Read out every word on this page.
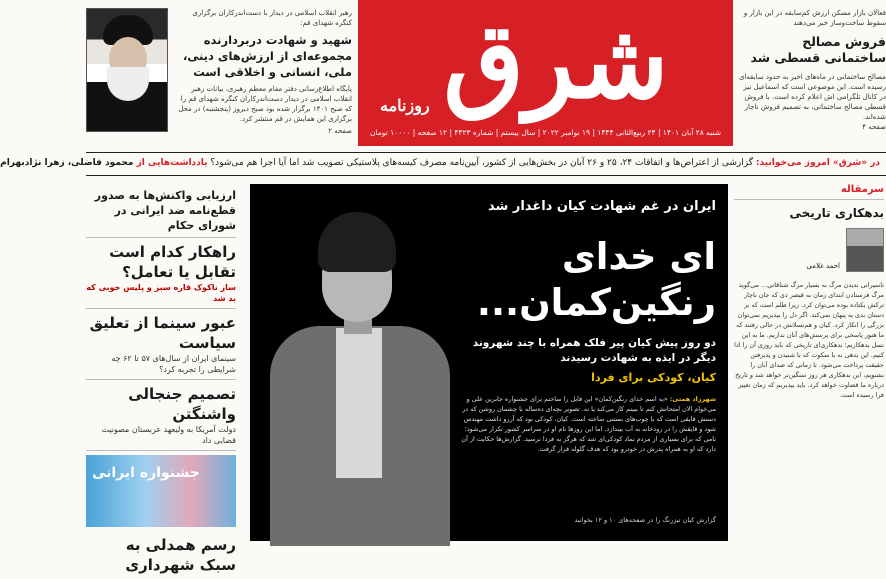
رهبر انقلاب اسلامی در دیدار با دست‌اندرکاران برگزاری کنگره شهدای قم:
شهید و شهادت دربردارنده مجموعه‌ای از ارزش‌های دینی، ملی، انسانی و اخلاقی است
پایگاه اطلاع‌رسانی دفتر مقام معظم رهبری، بیانات رهبر انقلاب اسلامی در دیدار دست‌اندرکاران کنگره شهدای قم را که صبح ۱۴۰۱ برگزار شده بود صبح دیروز (پنجشنبه) در محل برگزاری این همایش در قم منتشر کرد.
صفحه ۲
شرق
روزنامه
شنبه ۲۸ آبان ۱۴۰۱ | ۲۴ ربیع‌الثانی ۱۴۴۴ | ۱۹ نوامبر ۲۰۲۲ | سال بیستم | شماره ۴۴۲۳ | ۱۲ صفحه | ۱۰۰۰۰ تومان
فعالان بازار مسکن ارزش کم‌سابقه در این بازار و سقوط ساخت‌وساز خبر می‌دهند
فروش مصالح ساختمانی قسطی شد
مصالح ساختمانی در ماه‌های اخیر به حدود سابقه‌ای رسیده است. این موضوعی است که اسماعیل نیز در کانال تلگرامی اش اعلام کرده است. با فروش قسطی مصالح ساختمانی، به تصمیم فروش ناچار شده‌اند.
صفحه ۴
در «شرق» امروز می‌خوانید: گزارشی از اعتراض‌ها و اتفاقات ۲۴، ۲۵ و ۲۶ آبان در بخش‌هایی از کشور، آیین‌نامه مصرف کیسه‌های پلاستیکی تصویب شد اما آیا اجرا هم می‌شود؟ یادداشت‌هایی از محمود فاضلی، زهرا نژادبهرام
ارزیابی واکنش‌ها به صدور قطع‌نامه ضد ایرانی در شورای حکام
راهکار کدام است تقابل یا تعامل؟
ساز ناکوک قاره سبز و پلیس خوبی که بد شد
عبور سینما از تعلیق سیاست
سینمای ایران از سال‌های ۵۷ تا ۶۲ چه شرایطی را تجربه کرد؟
تصمیم جنجالی واشنگتن
دولت آمریکا به ولیعهد عربستان مصونیت قضایی داد
جشنواره ایرانی
رسم همدلی به سبک شهرداری
ایران در غم شهادت کیان داغدار شد
ای خدای رنگین‌کمان...
دو روز پیش کیان پیر فلک همراه با چند شهروند دیگر در ایذه به شهادت رسیدند
کیان، کودکی برای فردا
شهرزاد همتی: «به اسم خدای رنگین‌کمان» این فایل را ساختم برای جشنواره جابرین علی و می‌خوام الان امتحانش کنم تا ببینم کار می‌کند یا نه. تصویر بچه‌ای ده‌ساله با چشمان روشن که در دستش قایقی است که با چوب‌های بستنی ساخته است. کیان، کودکی بود که آرزو داشت مهندس شود و قایقش را در رودخانه به آب بیندازد. اما این روزها نام او در سراسر کشور تکرار می‌شود؛ نامی که برای بسیاری از مردم نماد کودکی‌ای شد که هرگز به فردا نرسید. گزارش‌ها حکایت از آن دارد که او به همراه پدرش در خودرو بود که هدف گلوله قرار گرفت.
گزارش کیان تیزرنگ را در صفحه‌های ۱۰ و ۱۲ بخوانید
سرمقاله
بدهکاری تاریخی
احمد غلامی
تاسیرانی ندیدن مرگ به بسیار مرگ شتاقاتی... می‌گوید مرگ فرستادن ابتدای زمان به قیصر دی که جان ناچار ترکش یکتاده بوده می‌توان کرد. زیرا ظلم است که بر دستان بدی به پنهان نمی‌کند. اگر دل را بپذیریم نمی‌توان بزرگی را انکار کرد. کیان و هم‌نسلانش در حالی رفتند که ما هنوز پاسخی برای پرسش‌های آنان نداریم. ما به این نسل بدهکاریم؛ بدهکاری‌ای تاریخی که باید روزی آن را ادا کنیم. این بدهی نه با سکوت که با شنیدن و پذیرفتن حقیقت پرداخت می‌شود. تا زمانی که صدای آنان را نشنویم، این بدهکاری هر روز سنگین‌تر خواهد شد و تاریخ درباره ما قضاوت خواهد کرد. باید بپذیریم که زمان تغییر فرا رسیده است.
